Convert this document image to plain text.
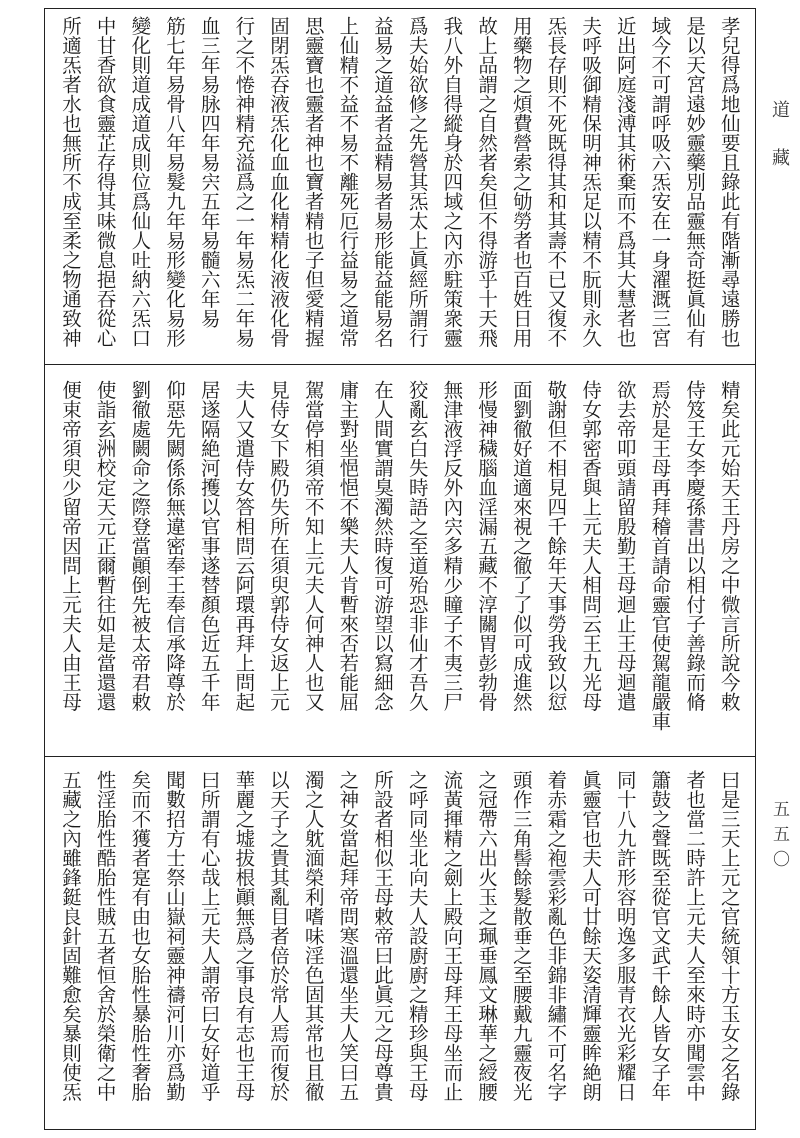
孝兒得爲地仙要且錄此有階漸尋遠勝也
是以天宮遠妙靈藥別品靈無奇挺眞仙有
域今不可謂呼吸六炁安在一身濯溉三宮
近出阿庭淺溥其術棄而不爲其大慧者也
夫呼吸御精保明神炁足以精不朊則永久
炁長存則不死既得其和其壽不已又復不
用藥物之煩費營索之劬勞者也百姓日用
故上品謂之自然者矣但不得游乎十天飛
我八外自得縱身於四域之內亦駐策衆靈
爲夫始欲修之先營其炁太上眞經所謂行
益易之道益者益精易者易形能益能易名
上仙精不益不易不離死厄行益易之道常
思靈寶也靈者神也寶者精也子但愛精握
固閉炁吞液炁化血血化精精化液液化骨
行之不惓神精充溢爲之一年易炁二年易
血三年易脉四年易宍五年易髓六年易
筋七年易骨八年易髮九年易形變化易形
變化則道成道成則位爲仙人吐納六炁口
中甘香欲食靈芷存得其味微息挹吞從心
所適炁者水也無所不成至柔之物通致神
精矣此元始天王丹房之中微言所說今敕
侍笈王女李慶孫書出以相付子善錄而脩
焉於是王母再拜稽首請命靈官使駕龍嚴車
欲去帝叩頭請留殷勤王母迴止王母迴遣
侍女郭密香與上元夫人相問云王九光母
敬謝但不相見四千餘年天事勞我致以愆
面劉徹好道適來視之徹了了似可成進然
形慢神穢腦血淫漏五藏不淳關胃彭勃骨
無津液浮反外內宍多精少瞳子不夷三尸
狡亂玄白失時語之至道殆恐非仙才吾久
在人間實謂臭濁然時復可游望以寫細念
庸主對坐悒悒不樂夫人肯暫來否若能屈
駕當停相須帝不知上元夫人何神人也又
見侍女下殿仍失所在須臾郭侍女返上元
夫人又遣侍女答相問云阿環再拜上問起
居遂隔絶河擭以官事遂替顏色近五千年
仰惡先闕係係無違密奉王奉信承降尊於
劉徹處闕命之際登當顚倒先被太帝君敕
使詣玄洲校定天元正爾暫往如是當還還
便束帝須臾少留帝因問上元夫人由王母
曰是三天上元之官統領十方玉女之名錄
者也當二時許上元夫人至來時亦聞雲中
簫鼓之聲既至從官文武千餘人皆女子年
同十八九許形容明逸多服青衣光彩耀日
眞靈官也夫人可廿餘天姿清輝靈眸絶朗
着赤霜之袍雲彩亂色非錦非繡不可名字
頭作三角髻餘髮散垂之至腰戴九靈夜光
之冠帶六出火玉之珮垂鳳文琳華之綬腰
流黃揮精之劍上殿向王母拜王母坐而止
之呼同坐北向夫人設廚廚之精珍與王母
所設者相似王母敕帝曰此眞元之母尊貴
之神女當起拜帝問寒溫還坐夫人笑曰五
濁之人躭湎榮利嗜味淫色固其常也且徹
以天子之貴其亂目者倍於常人焉而復於
華麗之墟拔根顚無爲之事良有志也王母
曰所謂有心哉上元夫人謂帝曰女好道乎
聞數招方士祭山嶽祠靈神禱河川亦爲勤
矣而不獲者寔有由也女胎性暴胎性奢胎
性淫胎性酷胎性賊五者恒舍於榮衛之中
五藏之內雖鋒鋌良針固難愈矣暴則使炁
道藏
五五〇
